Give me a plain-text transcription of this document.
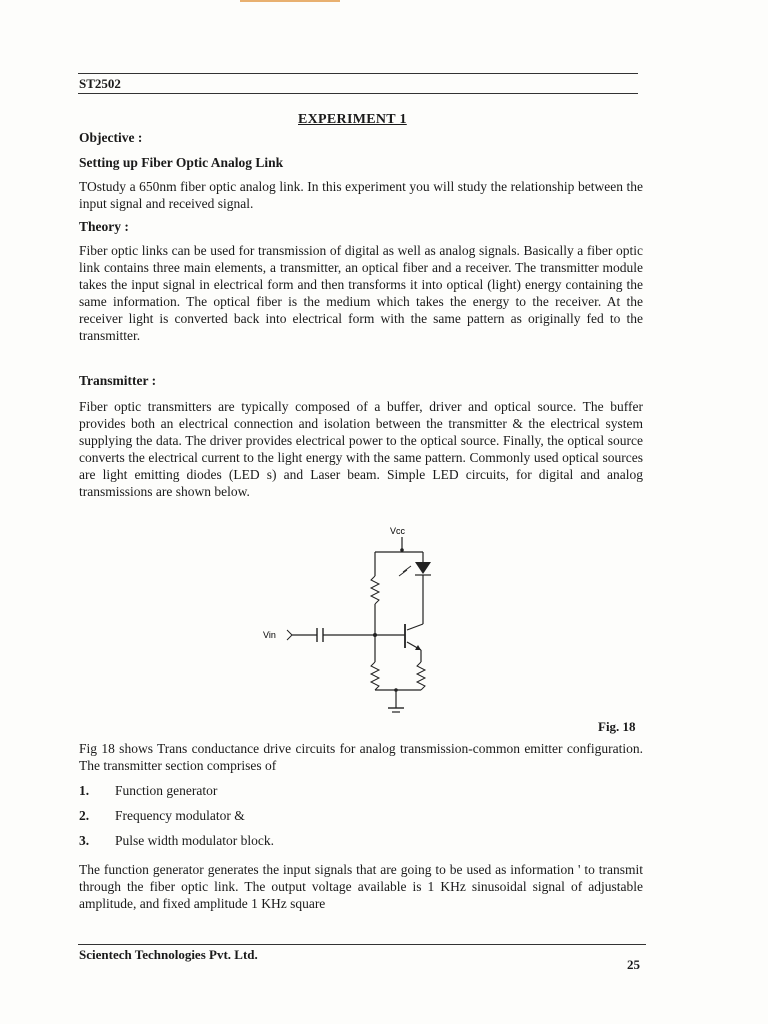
ST2502
EXPERIMENT 1
Objective :
Setting up Fiber Optic Analog Link
TOstudy a 650nm fiber optic analog link. In this experiment you will study the relationship between the input signal and received signal.
Theory :
Fiber optic links can be used for transmission of digital as well as analog signals. Basically a fiber optic link contains three main elements, a transmitter, an optical fiber and a receiver. The transmitter module takes the input signal in electrical form and then transforms it into optical (light) energy containing the same information. The optical fiber is the medium which takes the energy to the receiver. At the receiver light is converted back into electrical form with the same pattern as originally fed to the transmitter.
Transmitter :
Fiber optic transmitters are typically composed of a buffer, driver and optical source. The buffer provides both an electrical connection and isolation between the transmitter & the electrical system supplying the data. The driver provides electrical power to the optical source. Finally, the optical source converts the electrical current to the light energy with the same pattern. Commonly used optical sources are light emitting diodes (LED s) and Laser beam. Simple LED circuits, for digital and analog transmissions are shown below.
Vcc
Vin
Fig. 18
Fig 18 shows Trans conductance drive circuits for analog transmission-common emitter configuration. The transmitter section comprises of
1. Function generator
2. Frequency modulator &
3. Pulse width modulator block.
The function generator generates the input signals that are going to be used as information ' to transmit through the fiber optic link. The output voltage available is 1 KHz sinusoidal signal of adjustable amplitude, and fixed amplitude 1 KHz square
Scientech Technologies Pvt. Ltd.
25
